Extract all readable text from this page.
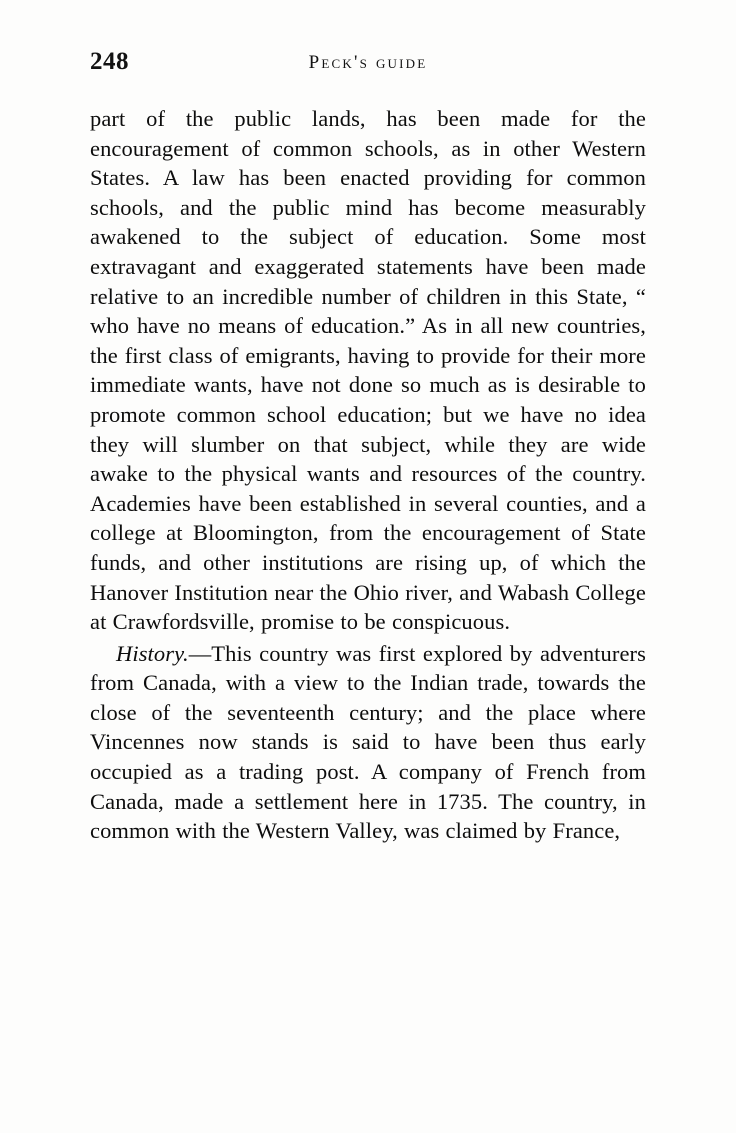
248	peck's guide

part of the public lands, has been made for the encouragement of common schools, as in other Western States. A law has been enacted providing for common schools, and the public mind has become measurably awakened to the subject of education. Some most extravagant and exaggerated statements have been made relative to an incredible number of children in this State, “ who have no means of education.” As in all new countries, the first class of emigrants, having to provide for their more immediate wants, have not done so much as is desirable to promote common school education; but we have no idea they will slumber on that subject, while they are wide awake to the physical wants and resources of the country. Academies have been established in several counties, and a college at Bloomington, from the encouragement of State funds, and other institutions are rising up, of which the Hanover Institution near the Ohio river, and Wabash College at Crawfordsville, promise to be conspicuous.

History.—This country was first explored by adventurers from Canada, with a view to the Indian trade, towards the close of the seventeenth century; and the place where Vincennes now stands is said to have been thus early occupied as a trading post. A company of French from Canada, made a settlement here in 1735. The country, in common with the Western Valley, was claimed by France,
